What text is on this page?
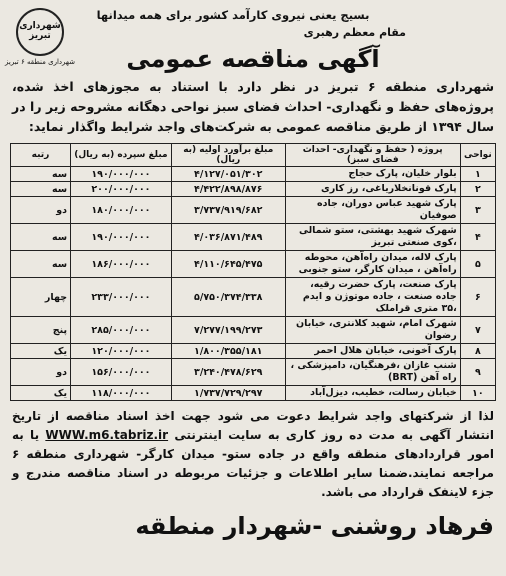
شهرداری تبریز
شهرداری منطقه ۶ تبریز
بسیج یعنی نیروی کارآمد کشور برای همه میدانها
مقام معظم رهبری
آگهی مناقصه عمومی
شهرداری منطقه ۶ تبریز در نظر دارد با استناد به مجوزهای اخذ شده، پروژه‌های حفظ و نگهداری- احداث فضای سبز نواحی دهگانه مشروحه زیر را در سال ۱۳۹۴ از طریق مناقصه عمومی به شرکت‌های واجد شرایط واگذار نماید:
نواحی	پروژه ( حفظ و نگهداری- احداث فضای سبز)	مبلغ برآورد اولیه (به ریال)	مبلغ سپرده (به ریال)	رتبه
۱	بلوار خلیان، پارک حجاج	۴/۱۲۷/۰۵۱/۳۰۲	۱۹۰/۰۰۰/۰۰۰	سه
۲	پارک قونانخلاریاغی، رز کاری	۴/۴۲۲/۸۹۸/۸۷۶	۲۰۰/۰۰۰/۰۰۰	سه
۳	پارک شهید عباس دوران، جاده صوفیان	۳/۷۳۷/۹۱۹/۶۸۲	۱۸۰/۰۰۰/۰۰۰	دو
۴	شهرک شهید بهشتی، ستو شمالی ،کوی صنعتی تبریز	۴/۰۳۶/۸۷۱/۴۸۹	۱۹۰/۰۰۰/۰۰۰	سه
۵	پارک لاله، میدان راه‌آهن، محوطه راه‌آهن ، میدان کارگر، ستو جنوبی	۴/۱۱۰/۶۴۵/۴۷۵	۱۸۶/۰۰۰/۰۰۰	سه
۶	پارک صنعت، پارک حضرت رقیه، جاده صنعت ، جاده موتوژن و ایدم ،۳۵ متری قراملک	۵/۷۵۰/۳۷۴/۳۳۸	۲۳۳/۰۰۰/۰۰۰	چهار
۷	شهرک امام، شهید کلانتری، خیابان رضوان	۷/۲۷۷/۱۹۹/۲۷۳	۲۸۵/۰۰۰/۰۰۰	پنج
۸	پارک آخونی، خیابان هلال احمر	۱/۸۰۰/۳۵۵/۱۸۱	۱۲۰/۰۰۰/۰۰۰	یک
۹	شنب غازان ،فرهنگیان، دامپزشکی ، راه آهن (BRT)	۳/۲۴۰/۴۷۸/۶۲۹	۱۵۶/۰۰۰/۰۰۰	دو
۱۰	خیابان رسالت، خطیب، دیزل‌آباد	۱/۷۳۷/۷۲۹/۲۹۷	۱۱۸/۰۰۰/۰۰۰	یک
لذا از شرکتهای واجد شرایط دعوت می شود جهت اخذ اسناد مناقصه از تاریخ انتشار آگهی به مدت ده روز کاری به سایت اینترنتی WWW.m6.tabriz.ir یا به امور قراردادهای منطقه واقع در جاده ستو- میدان کارگر- شهرداری منطقه ۶ مراجعه نمایند.ضمنا سایر اطلاعات و جزئیات مربوطه در اسناد مناقصه مندرج و جزء لاینفک قرارداد می باشد.
فرهاد روشنی -شهردار منطقه
